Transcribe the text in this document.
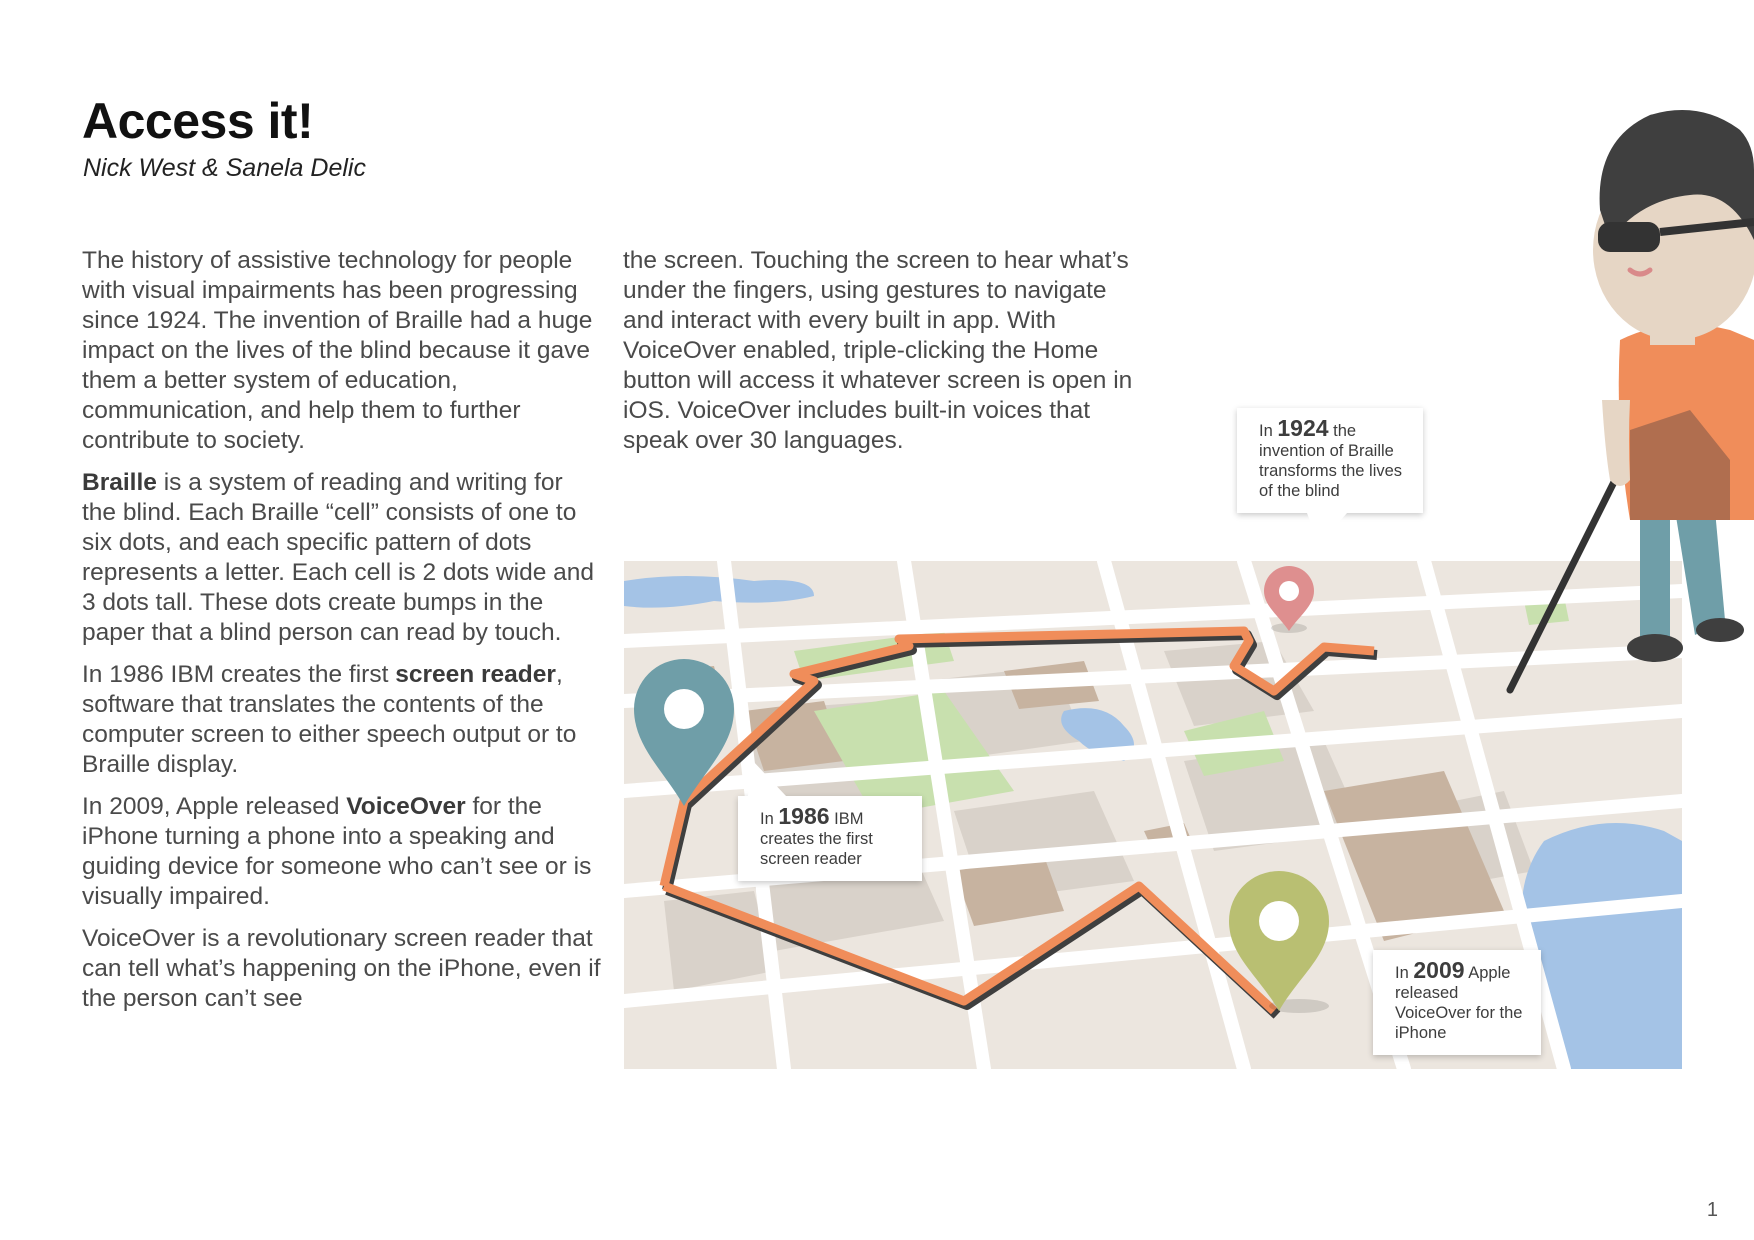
Access it!
Nick West & Sanela Delic

The history of assistive technology for people with visual impairments has been progressing since 1924. The invention of Braille had a huge impact on the lives of the blind because it gave them a better system of education, communication, and help them to further contribute to society.

Braille is a system of reading and writing for the blind. Each Braille “cell” consists of one to six dots, and each specific pattern of dots represents a letter. Each cell is 2 dots wide and 3 dots tall. These dots create bumps in the paper that a blind person can read by touch.

In 1986 IBM creates the first screen reader, software that translates the contents of the computer screen to either speech output or to Braille display.

In 2009, Apple released VoiceOver for the iPhone turning a phone into a speaking and guiding device for someone who can’t see or is visually impaired.

VoiceOver is a revolutionary screen reader that can tell what’s happening on the iPhone, even if the person can’t see

the screen. Touching the screen to hear what’s under the fingers, using gestures to navigate and interact with every built in app. With VoiceOver enabled, triple-clicking the Home button will access it whatever screen is open in iOS. VoiceOver includes built-in voices that speak over 30 languages.	In 1924 the invention of Braille transforms the lives of the blind
In 1986 IBM creates the first screen reader
In 2009 Apple released VoiceOver for the iPhone
1
